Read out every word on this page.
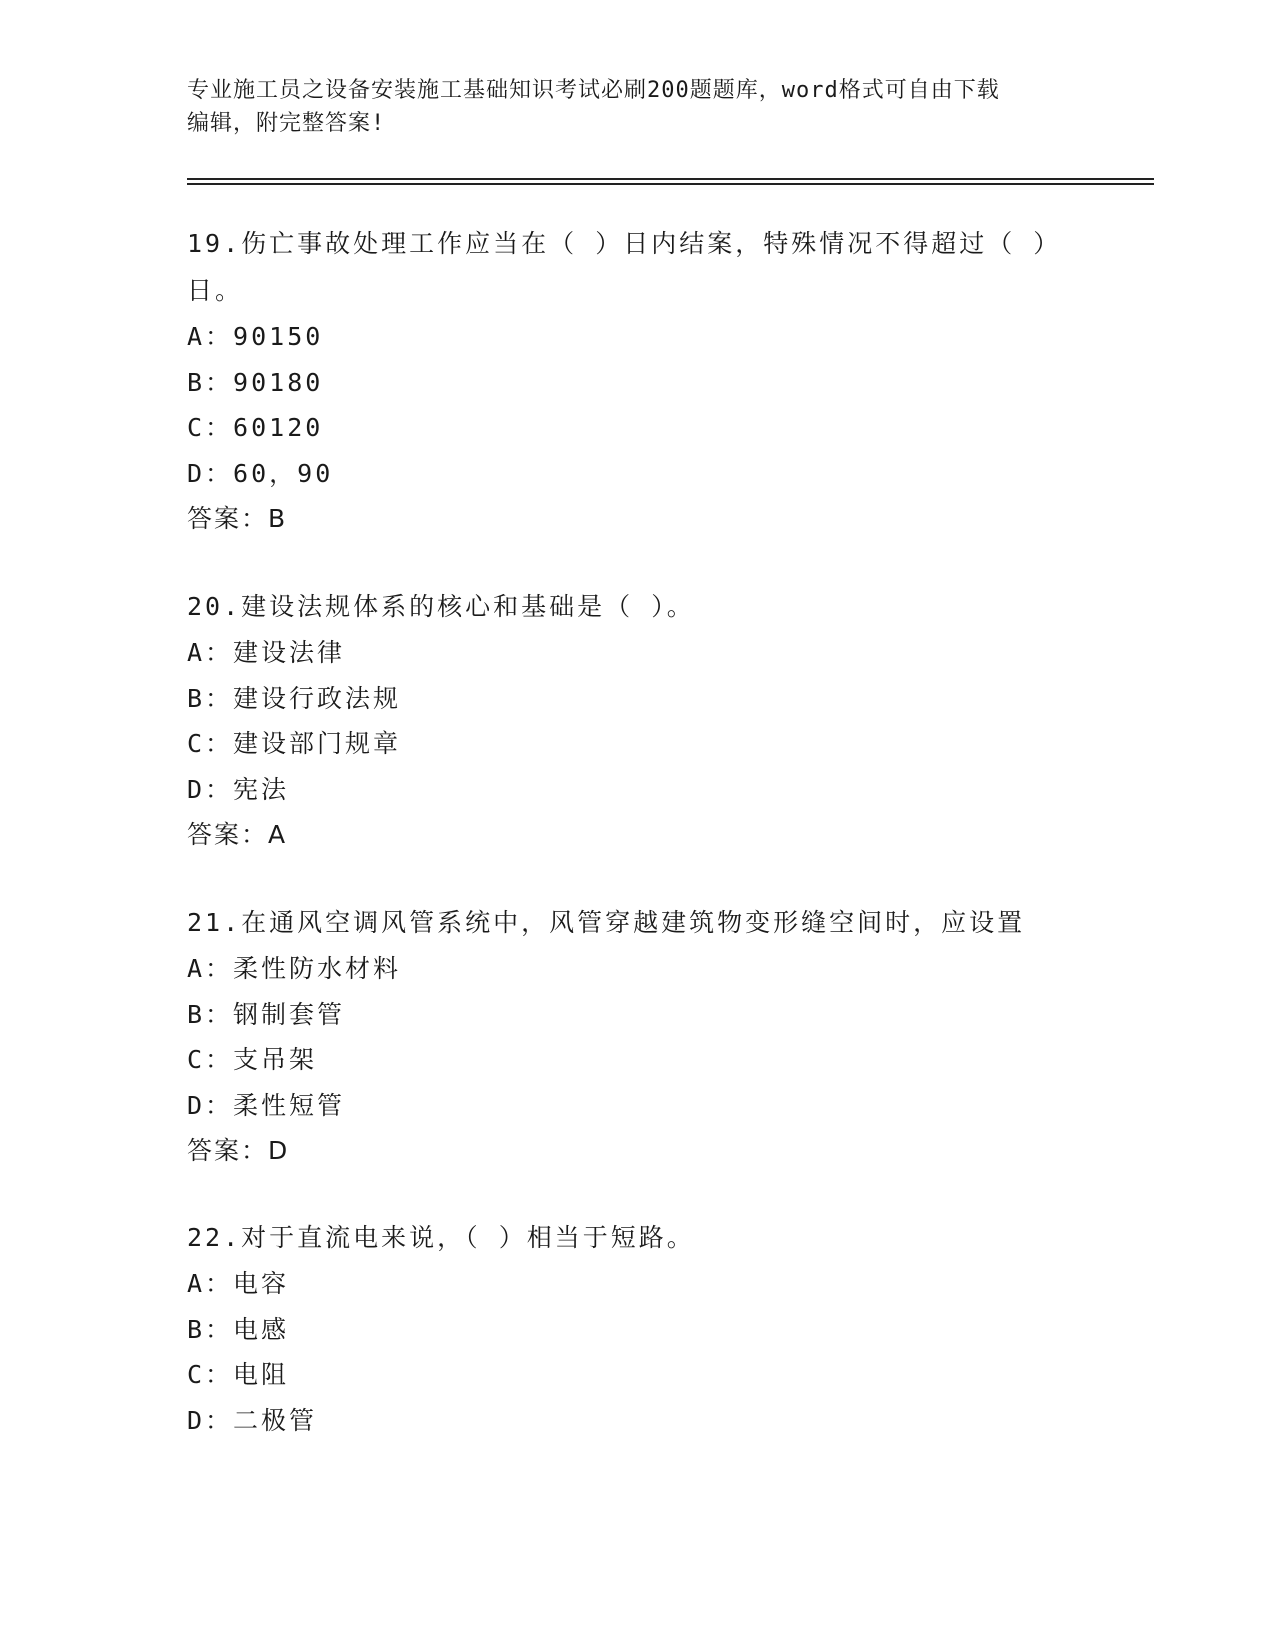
专业施工员之设备安装施工基础知识考试必刷200题题库，word格式可自由下载
编辑，附完整答案!

19.伤亡事故处理工作应当在（ ）日内结案，特殊情况不得超过（ ）

日。

A：90150

B：90180

C：60120

D：60，90

答案：B

20.建设法规体系的核心和基础是（ ）。

A：建设法律

B：建设行政法规

C：建设部门规章

D：宪法

答案：A

21.在通风空调风管系统中，风管穿越建筑物变形缝空间时，应设置

A：柔性防水材料

B：钢制套管

C：支吊架

D：柔性短管

答案：D

22.对于直流电来说，（ ）相当于短路。

A：电容

B：电感

C：电阻

D：二极管
